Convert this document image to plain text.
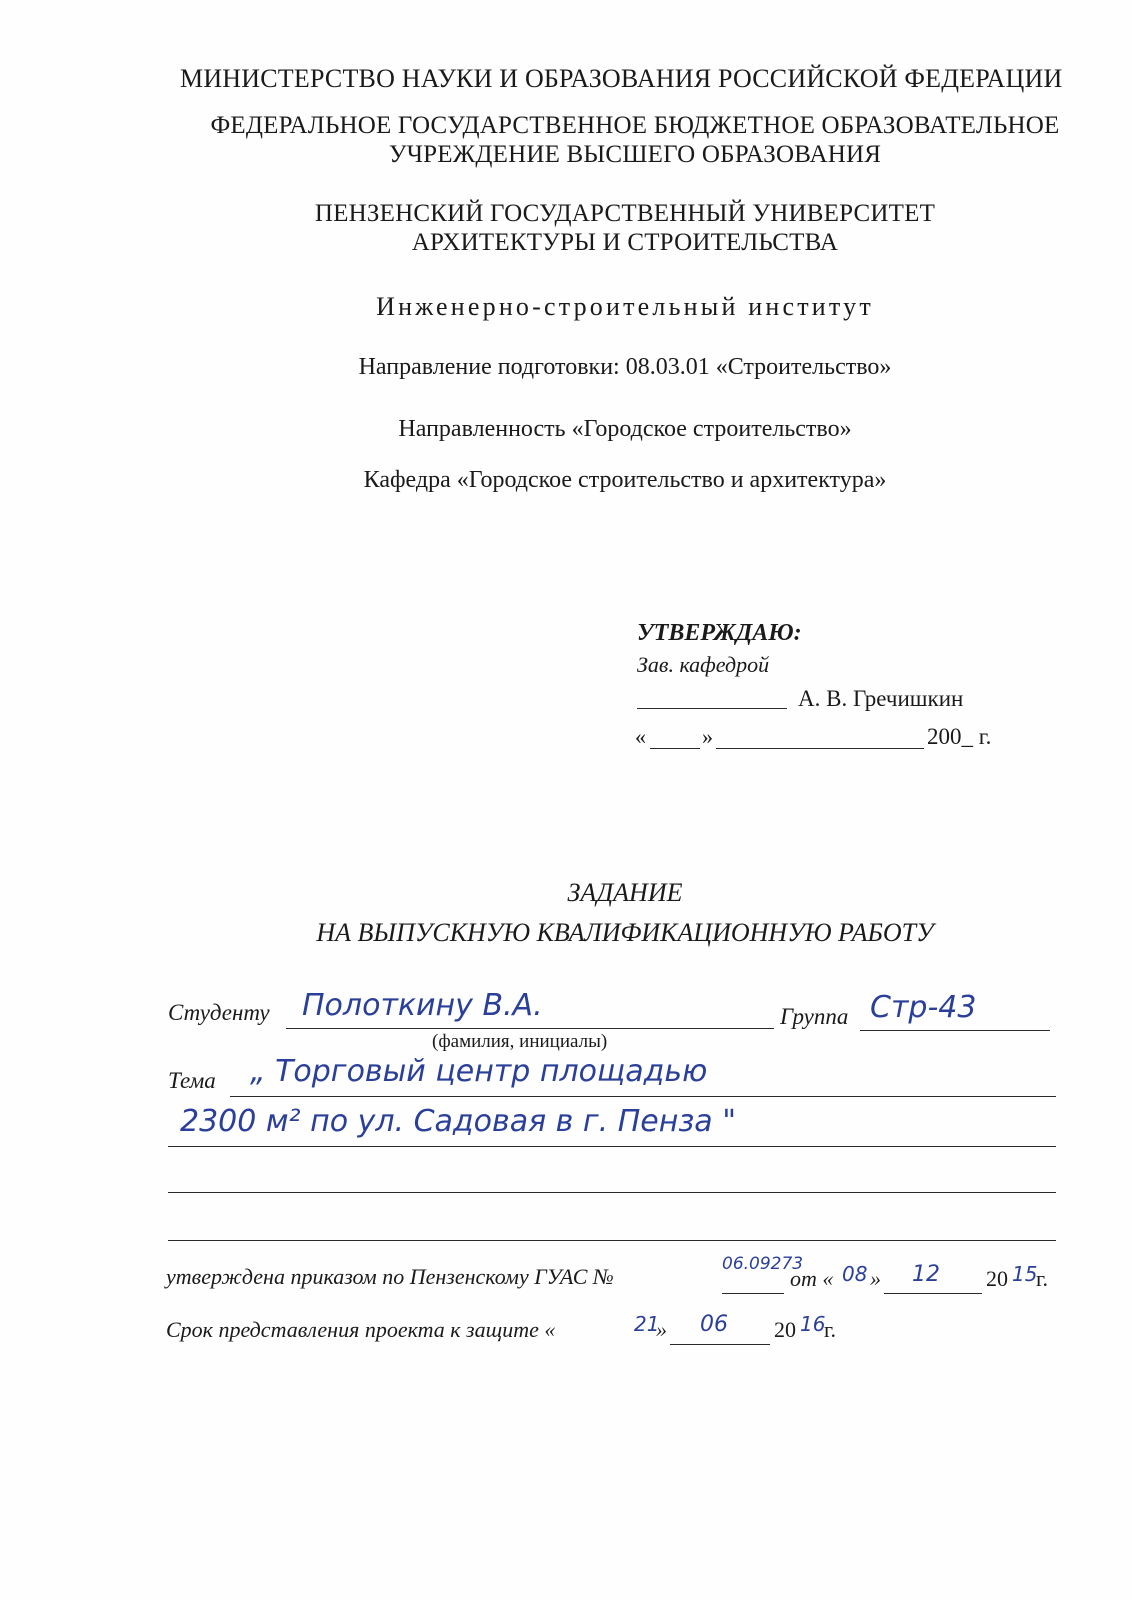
МИНИСТЕРСТВО НАУКИ И ОБРАЗОВАНИЯ РОССИЙСКОЙ ФЕДЕРАЦИИ
ФЕДЕРАЛЬНОЕ ГОСУДАРСТВЕННОЕ БЮДЖЕТНОЕ ОБРАЗОВАТЕЛЬНОЕ
УЧРЕЖДЕНИЕ ВЫСШЕГО ОБРАЗОВАНИЯ
ПЕНЗЕНСКИЙ ГОСУДАРСТВЕННЫЙ УНИВЕРСИТЕТ
АРХИТЕКТУРЫ И СТРОИТЕЛЬСТВА
Инженерно-строительный институт
Направление подготовки: 08.03.01 «Строительство»
Направленность «Городское строительство»
Кафедра «Городское строительство и архитектура»
УТВЕРЖДАЮ:
Зав. кафедрой
А. В. Гречишкин
«	»	200_ г.
ЗАДАНИЕ
НА ВЫПУСКНУЮ КВАЛИФИКАЦИОННУЮ РАБОТУ
Студенту Полоткину В.А.	Группа Стр-43
(фамилия, инициалы)
Тема „ Торговый центр площадью
2300 м² по ул. Садовая в г. Пенза "
утверждена приказом по Пензенскому ГУАС №	06.09273
от « 08 » 12 20 15
г.
Срок представления проекта к защите «	21
» 06 20 16
г.
